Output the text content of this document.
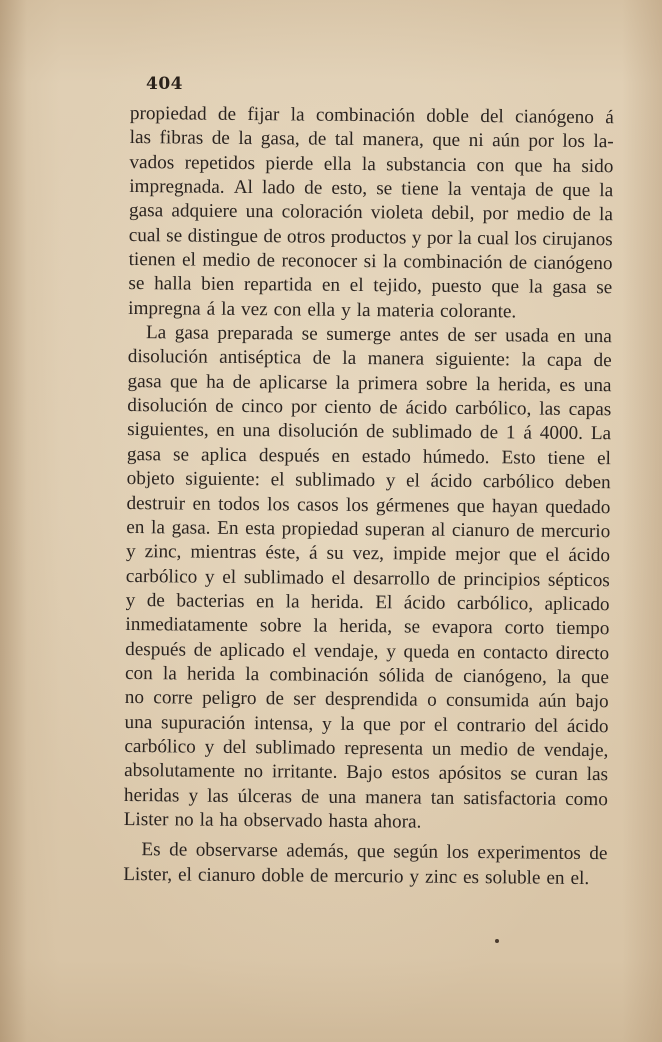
404
propiedad de fijar la combinación doble del cianógeno á
las fibras de la gasa, de tal manera, que ni aún por los la-
vados repetidos pierde ella la substancia con que ha sido
impregnada. Al lado de esto, se tiene la ventaja de que la
gasa adquiere una coloración violeta debil, por medio de la
cual se distingue de otros productos y por la cual los cirujanos
tienen el medio de reconocer si la combinación de cianógeno
se halla bien repartida en el tejido, puesto que la gasa se
impregna á la vez con ella y la materia colorante.
La gasa preparada se sumerge antes de ser usada en una
disolución antiséptica de la manera siguiente: la capa de
gasa que ha de aplicarse la primera sobre la herida, es una
disolución de cinco por ciento de ácido carbólico, las capas
siguientes, en una disolución de sublimado de 1 á 4000. La
gasa se aplica después en estado húmedo. Esto tiene el
objeto siguiente: el sublimado y el ácido carbólico deben
destruir en todos los casos los gérmenes que hayan quedado
en la gasa. En esta propiedad superan al cianuro de mercurio
y zinc, mientras éste, á su vez, impide mejor que el ácido
carbólico y el sublimado el desarrollo de principios sépticos
y de bacterias en la herida. El ácido carbólico, aplicado
inmediatamente sobre la herida, se evapora corto tiempo
después de aplicado el vendaje, y queda en contacto directo
con la herida la combinación sólida de cianógeno, la que
no corre peligro de ser desprendida o consumida aún bajo
una supuración intensa, y la que por el contrario del ácido
carbólico y del sublimado representa un medio de vendaje,
absolutamente no irritante. Bajo estos apósitos se curan las
heridas y las úlceras de una manera tan satisfactoria como
Lister no la ha observado hasta ahora.
Es de observarse además, que según los experimentos de
Lister, el cianuro doble de mercurio y zinc es soluble en el.
